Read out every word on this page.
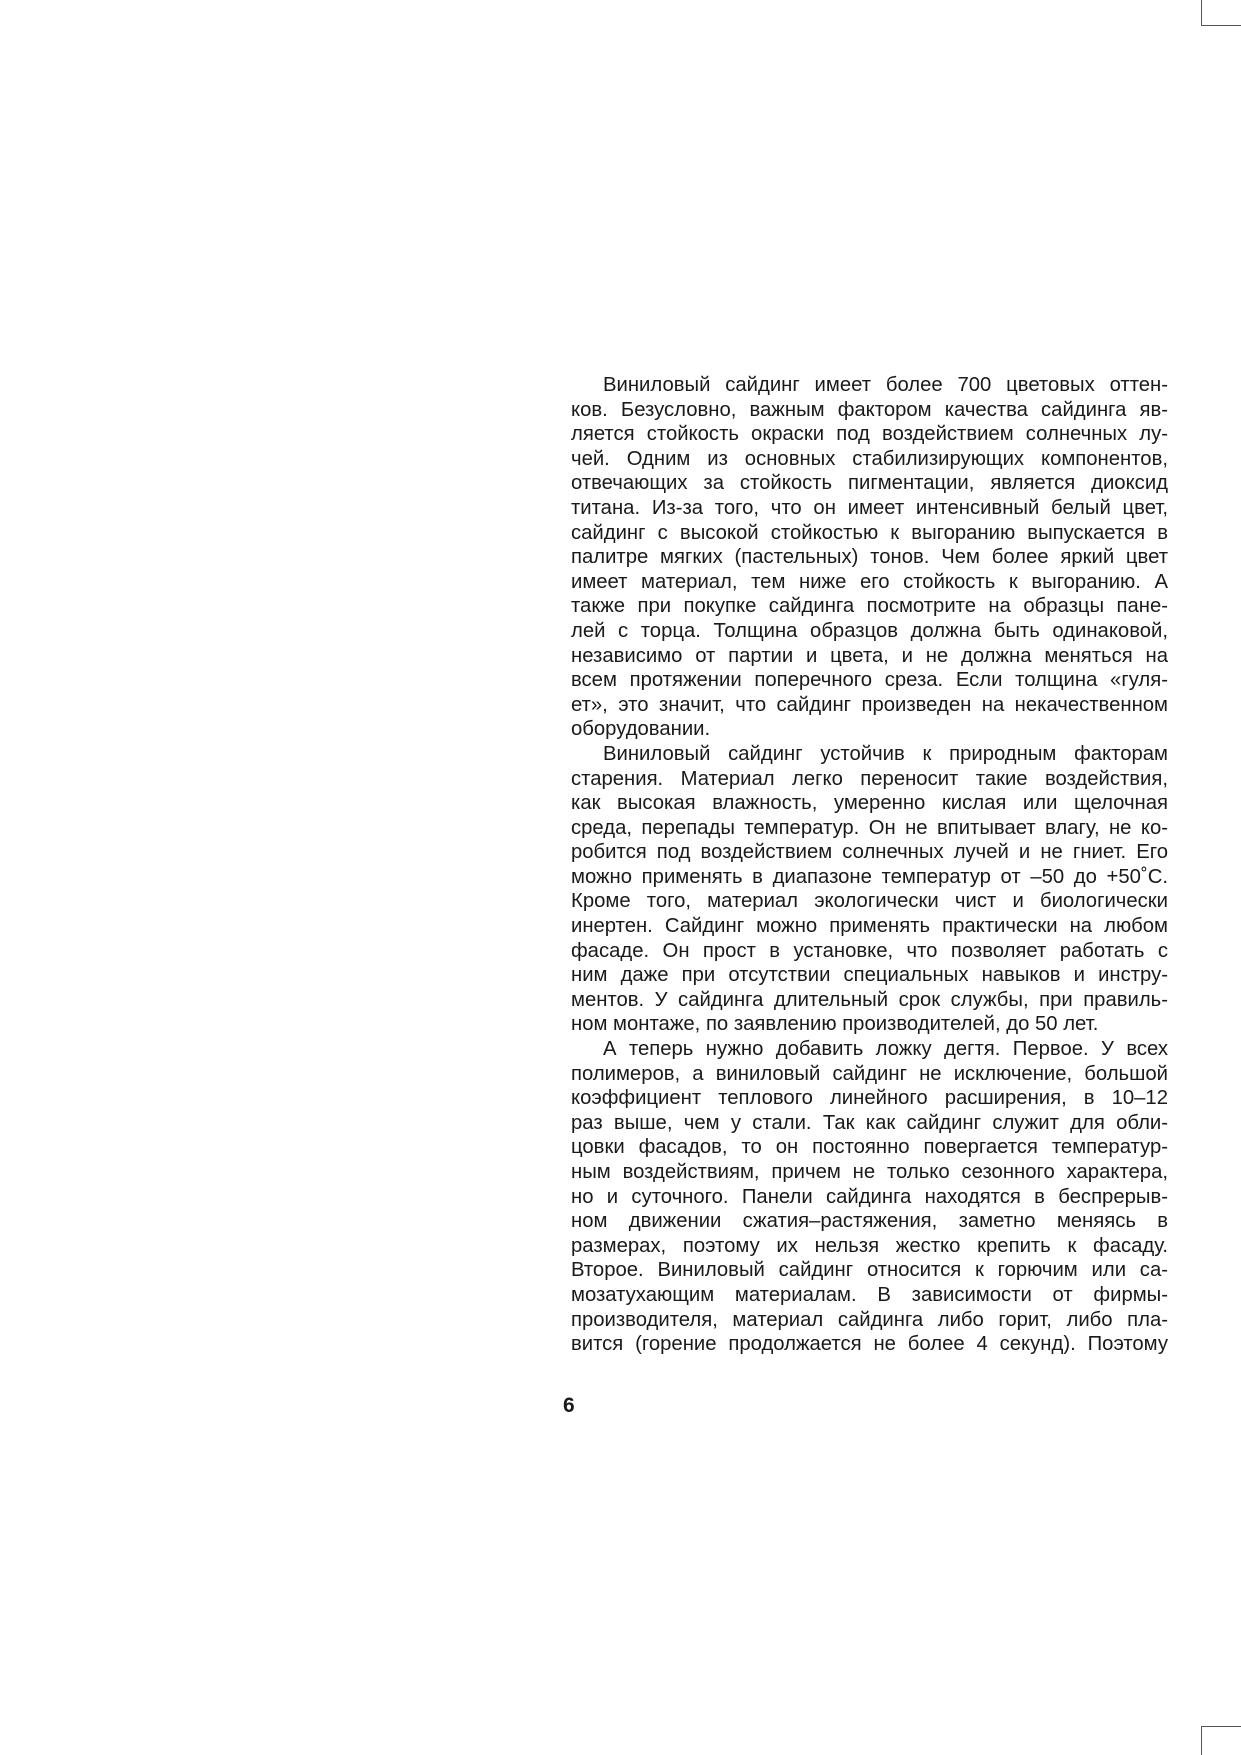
Виниловый сайдинг имеет более 700 цветовых оттен-
ков. Безусловно, важным фактором качества сайдинга яв-
ляется стойкость окраски под воздействием солнечных лу-
чей. Одним из основных стабилизирующих компонентов,
отвечающих за стойкость пигментации, является диоксид
титана. Из-за того, что он имеет интенсивный белый цвет,
сайдинг с высокой стойкостью к выгоранию выпускается в
палитре мягких (пастельных) тонов. Чем более яркий цвет
имеет материал, тем ниже его стойкость к выгоранию. А
также при покупке сайдинга посмотрите на образцы пане-
лей с торца. Толщина образцов должна быть одинаковой,
независимо от партии и цвета, и не должна меняться на
всем протяжении поперечного среза. Если толщина «гуля-
ет», это значит, что сайдинг произведен на некачественном
оборудовании.
Виниловый сайдинг устойчив к природным факторам
старения. Материал легко переносит такие воздействия,
как высокая влажность, умеренно кислая или щелочная
среда, перепады температур. Он не впитывает влагу, не ко-
робится под воздействием солнечных лучей и не гниет. Его
можно применять в диапазоне температур от –50 до +50˚С.
Кроме того, материал экологически чист и биологически
инертен. Сайдинг можно применять практически на любом
фасаде. Он прост в установке, что позволяет работать с
ним даже при отсутствии специальных навыков и инстру-
ментов. У сайдинга длительный срок службы, при правиль-
ном монтаже, по заявлению производителей, до 50 лет.
А теперь нужно добавить ложку дегтя. Первое. У всех
полимеров, а виниловый сайдинг не исключение, большой
коэффициент теплового линейного расширения, в 10–12
раз выше, чем у стали. Так как сайдинг служит для обли-
цовки фасадов, то он постоянно повергается температур-
ным воздействиям, причем не только сезонного характера,
но и суточного. Панели сайдинга находятся в беспрерыв-
ном движении сжатия–растяжения, заметно меняясь в
размерах, поэтому их нельзя жестко крепить к фасаду.
Второе. Виниловый сайдинг относится к горючим или са-
мозатухающим материалам. В зависимости от фирмы-
производителя, материал сайдинга либо горит, либо пла-
вится (горение продолжается не более 4 секунд). Поэтому
6
